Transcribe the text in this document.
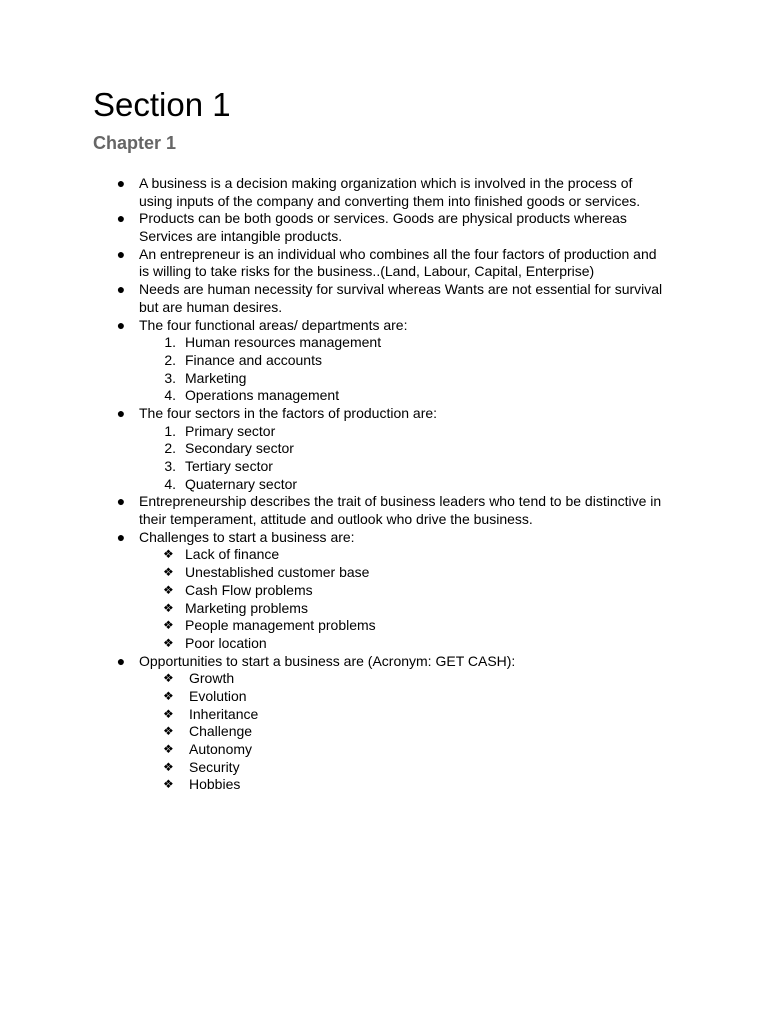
Section 1
Chapter 1
● A business is a decision making organization which is involved in the process of
using inputs of the company and converting them into finished goods or services.
● Products can be both goods or services. Goods are physical products whereas
Services are intangible products.
● An entrepreneur is an individual who combines all the four factors of production and
is willing to take risks for the business..(Land, Labour, Capital, Enterprise)
● Needs are human necessity for survival whereas Wants are not essential for survival
but are human desires.
● The four functional areas/ departments are:
1. Human resources management
2. Finance and accounts
3. Marketing
4. Operations management
● The four sectors in the factors of production are:
1. Primary sector
2. Secondary sector
3. Tertiary sector
4. Quaternary sector
● Entrepreneurship describes the trait of business leaders who tend to be distinctive in
their temperament, attitude and outlook who drive the business.
● Challenges to start a business are:
❖ Lack of finance
❖ Unestablished customer base
❖ Cash Flow problems
❖ Marketing problems
❖ People management problems
❖ Poor location
● Opportunities to start a business are (Acronym: GET CASH):
❖ Growth
❖ Evolution
❖ Inheritance
❖ Challenge
❖ Autonomy
❖ Security
❖ Hobbies
